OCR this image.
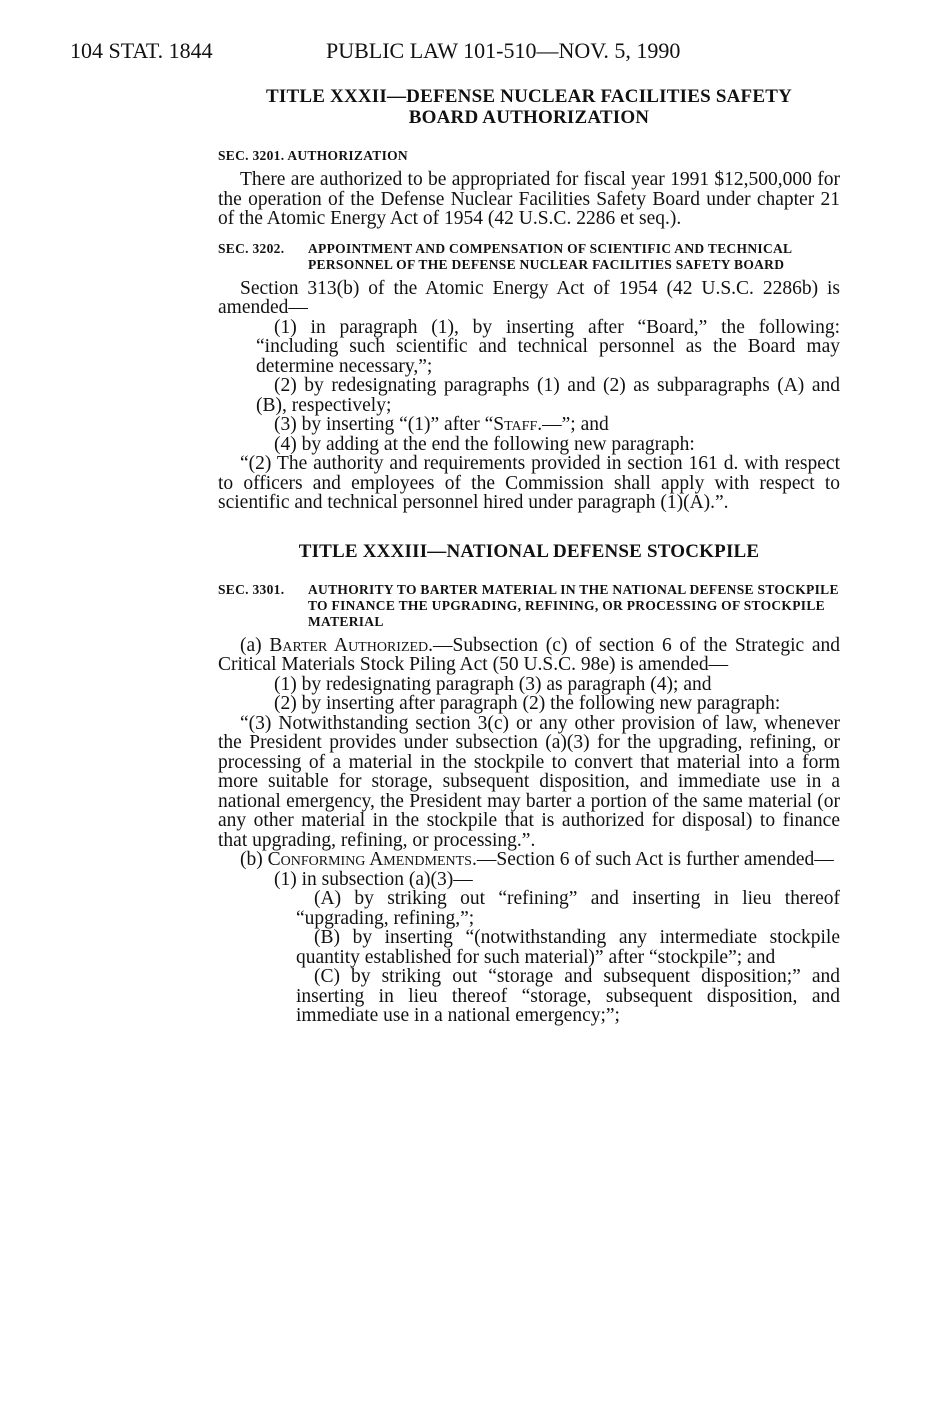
104 STAT. 1844	PUBLIC LAW 101-510—NOV. 5, 1990
TITLE XXXII—DEFENSE NUCLEAR FACILITIES SAFETY
BOARD AUTHORIZATION
SEC. 3201. AUTHORIZATION

There are authorized to be appropriated for fiscal year 1991 $12,500,000 for the operation of the Defense Nuclear Facilities Safety Board under chapter 21 of the Atomic Energy Act of 1954 (42 U.S.C. 2286 et seq.).

SEC. 3202. APPOINTMENT AND COMPENSATION OF SCIENTIFIC AND TECHNICAL PERSONNEL OF THE DEFENSE NUCLEAR FACILITIES SAFETY BOARD

Section 313(b) of the Atomic Energy Act of 1954 (42 U.S.C. 2286b) is amended—

(1) in paragraph (1), by inserting after “Board,” the following: “including such scientific and technical personnel as the Board may determine necessary,”;

(2) by redesignating paragraphs (1) and (2) as subparagraphs (A) and (B), respectively;

(3) by inserting “(1)” after “Staff.—”; and

(4) by adding at the end the following new paragraph:

“(2) The authority and requirements provided in section 161 d. with respect to officers and employees of the Commission shall apply with respect to scientific and technical personnel hired under paragraph (1)(A).”.

TITLE XXXIII—NATIONAL DEFENSE STOCKPILE
SEC. 3301. AUTHORITY TO BARTER MATERIAL IN THE NATIONAL DEFENSE STOCKPILE TO FINANCE THE UPGRADING, REFINING, OR PROCESSING OF STOCKPILE MATERIAL

(a) Barter Authorized.—Subsection (c) of section 6 of the Strategic and Critical Materials Stock Piling Act (50 U.S.C. 98e) is amended—

(1) by redesignating paragraph (3) as paragraph (4); and

(2) by inserting after paragraph (2) the following new paragraph:

“(3) Notwithstanding section 3(c) or any other provision of law, whenever the President provides under subsection (a)(3) for the upgrading, refining, or processing of a material in the stockpile to convert that material into a form more suitable for storage, subsequent disposition, and immediate use in a national emergency, the President may barter a portion of the same material (or any other material in the stockpile that is authorized for disposal) to finance that upgrading, refining, or processing.”.

(b) Conforming Amendments.—Section 6 of such Act is further amended—

(1) in subsection (a)(3)—

(A) by striking out “refining” and inserting in lieu thereof “upgrading, refining,”;

(B) by inserting “(notwithstanding any intermediate stockpile quantity established for such material)” after “stockpile”; and

(C) by striking out “storage and subsequent disposition;” and inserting in lieu thereof “storage, subsequent disposition, and immediate use in a national emergency;”;
